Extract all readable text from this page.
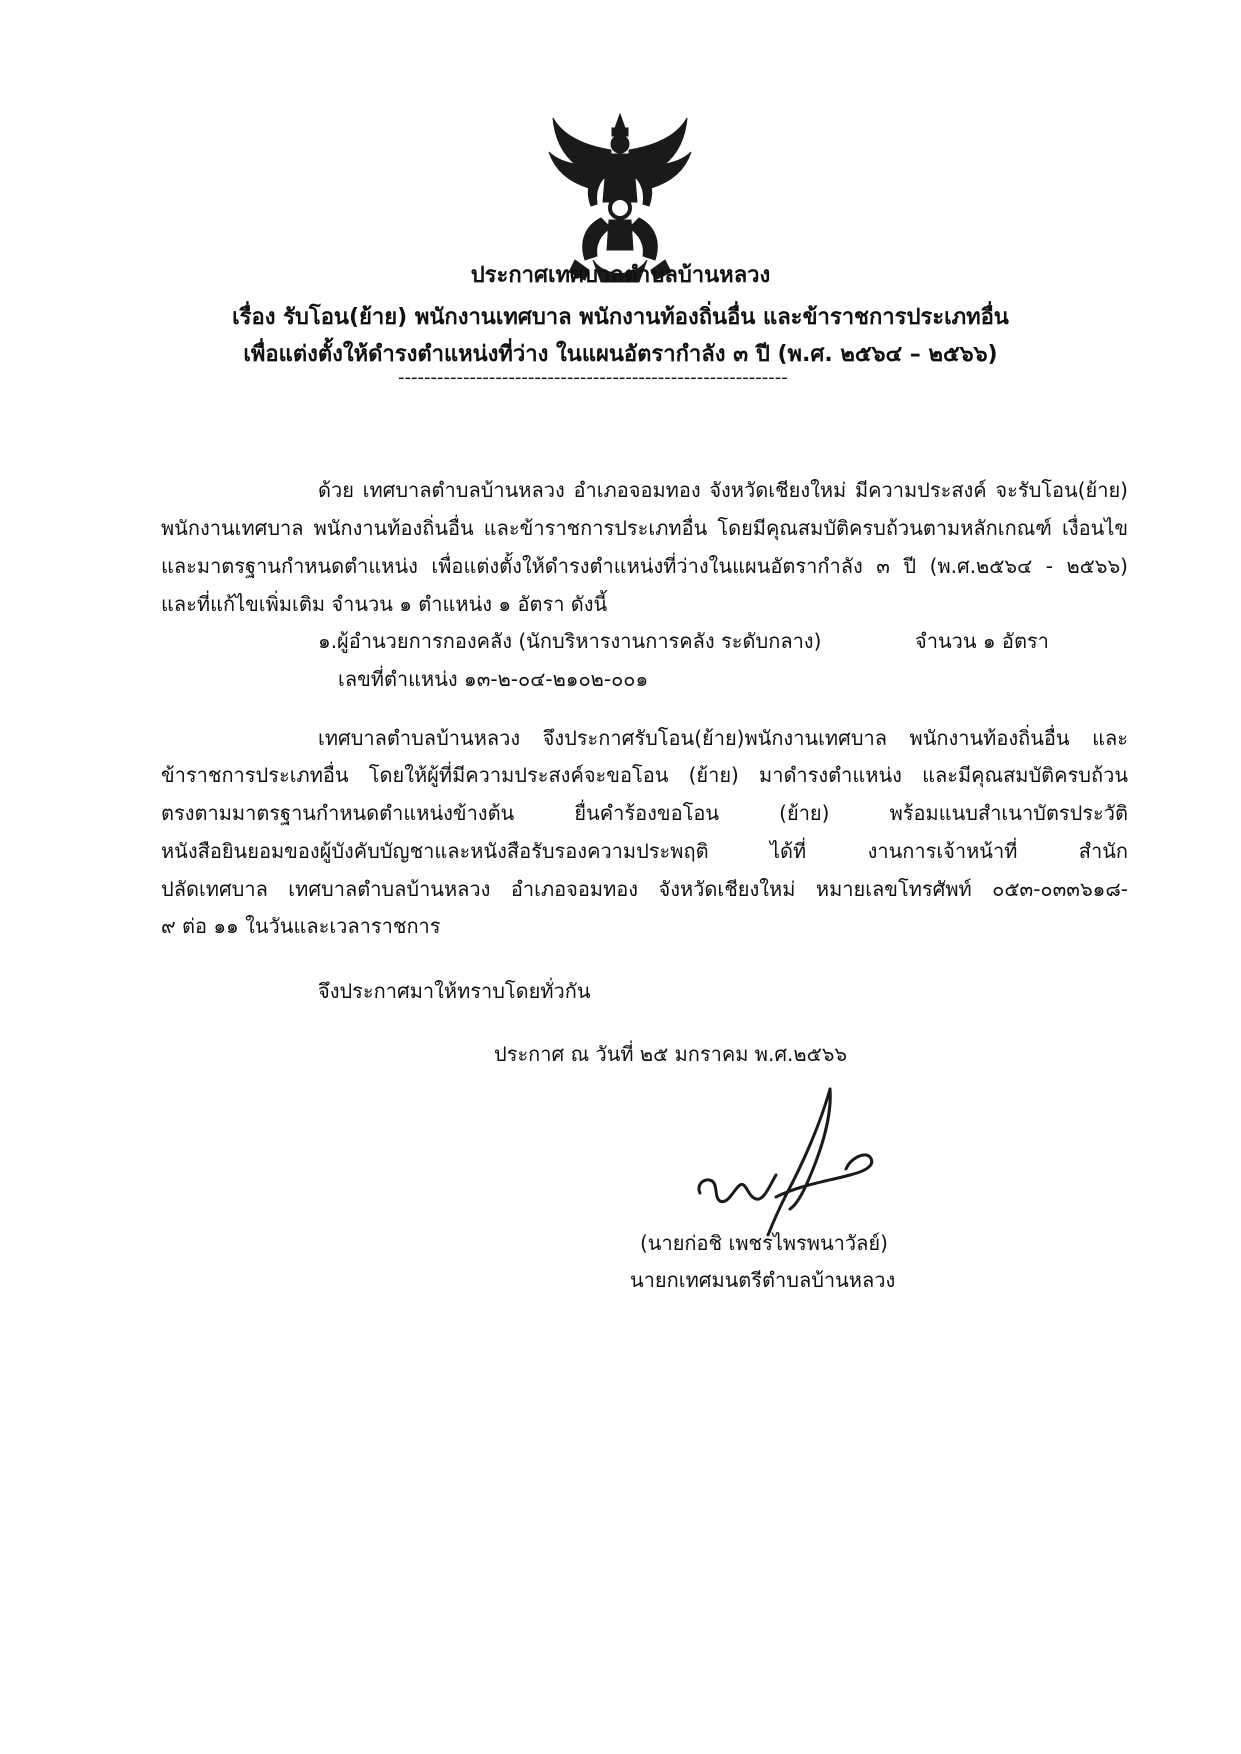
ประกาศเทศบาลตำบลบ้านหลวง
เรื่อง รับโอน(ย้าย) พนักงานเทศบาล พนักงานท้องถิ่นอื่น และข้าราชการประเภทอื่น
เพื่อแต่งตั้งให้ดำรงตำแหน่งที่ว่าง ในแผนอัตรากำลัง ๓ ปี (พ.ศ. ๒๕๖๔ – ๒๕๖๖)
------------------------------------------------------------
ด้วย เทศบาลตำบลบ้านหลวง อำเภอจอมทอง จังหวัดเชียงใหม่ มีความประสงค์ จะรับโอน(ย้าย)
พนักงานเทศบาล พนักงานท้องถิ่นอื่น และข้าราชการประเภทอื่น โดยมีคุณสมบัติครบถ้วนตามหลักเกณฑ์ เงื่อนไข
และมาตรฐานกำหนดตำแหน่ง เพื่อแต่งตั้งให้ดำรงตำแหน่งที่ว่างในแผนอัตรากำลัง ๓ ปี (พ.ศ.๒๕๖๔ - ๒๕๖๖)
และที่แก้ไขเพิ่มเติม จำนวน ๑ ตำแหน่ง ๑ อัตรา ดังนี้
๑.ผู้อำนวยการกองคลัง (นักบริหารงานการคลัง ระดับกลาง)	จำนวน ๑ อัตรา
เลขที่ตำแหน่ง ๑๓-๒-๐๔-๒๑๐๒-๐๐๑
เทศบาลตำบลบ้านหลวง จึงประกาศรับโอน(ย้าย)พนักงานเทศบาล พนักงานท้องถิ่นอื่น และ
ข้าราชการประเภทอื่น โดยให้ผู้ที่มีความประสงค์จะขอโอน (ย้าย) มาดำรงตำแหน่ง และมีคุณสมบัติครบถ้วน
ตรงตามมาตรฐานกำหนดตำแหน่งข้างต้น ยื่นคำร้องขอโอน (ย้าย) พร้อมแนบสำเนาบัตรประวัติ
หนังสือยินยอมของผู้บังคับบัญชาและหนังสือรับรองความประพฤติ ได้ที่ งานการเจ้าหน้าที่ สำนัก
ปลัดเทศบาล เทศบาลตำบลบ้านหลวง อำเภอจอมทอง จังหวัดเชียงใหม่ หมายเลขโทรศัพท์ ๐๕๓-๐๓๓๖๑๘-
๙ ต่อ ๑๑ ในวันและเวลาราชการ
จึงประกาศมาให้ทราบโดยทั่วกัน
ประกาศ ณ วันที่ ๒๕ มกราคม พ.ศ.๒๕๖๖
(นายก่อชิ เพชรไพรพนาวัลย์)
นายกเทศมนตรีตำบลบ้านหลวง
